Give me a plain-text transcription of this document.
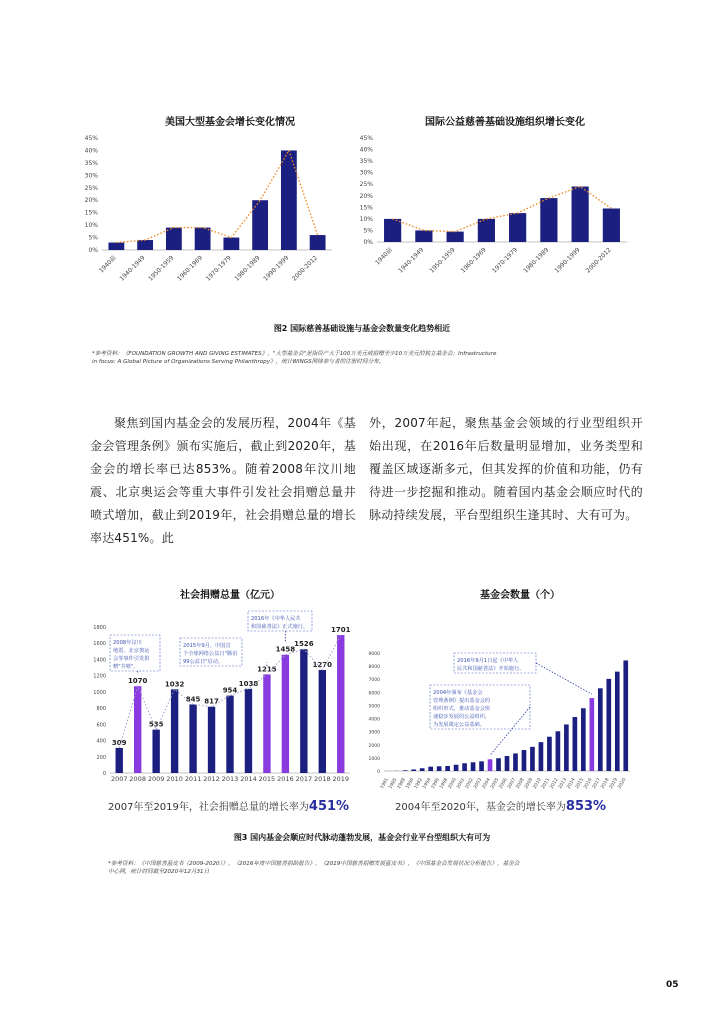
美国大型基金会增长变化情况
0%
5%
10%
15%
20%
25%
30%
35%
40%
45%
1940前 1940-1949 1950-1959 1960-1969 1970-1979 1980-1989 1990-1999 2000-2012
国际公益慈善基础设施组织增长变化
0%
5%
10%
15%
20%
25%
30%
35%
40%
45%
1940前 1940-1949 1950-1959 1960-1969 1970-1979 1980-1989 1990-1999 2000-2012
图2 国际慈善基础设施与基金会数量变化趋势相近
*参考资料：《FOUNDATION GROWTH AND GIVING ESTIMATES》，"大型基金会"是指资产大于100万美元或捐赠至少10万美元的独立基金会；Infrastructure
in focus: A Global Picture of Organizations Serving Philanthropy》，统计WINGS网络参与者的注册时间分布。
聚焦到国内基金会的发展历程，2004年《基金会管理条例》颁布实施后，截止到2020年，基金会的增长率已达853%。随着2008年汶川地震、北京奥运会等重大事件引发社会捐赠总量井喷式增加，截止到2019年，社会捐赠总量的增长率达451%。此
外，2007年起，聚焦基金会领域的行业型组织开始出现，在2016年后数量明显增加，业务类型和覆盖区域逐渐多元，但其发挥的价值和功能，仍有待进一步挖掘和推动。随着国内基金会顺应时代的脉动持续发展，平台型组织生逢其时、大有可为。
社会捐赠总量（亿元）
0
200
400
600
800
1000
1200
1400
1600
1800
309
2007
1070
2008
535
2009
1032
2010
845
2011
817
2012
954
2013
1038
2014
1215
2015
1458
2016
1526
2017
1270
2018
1701
2019
2008年汶川
地震、北京奥运
会等事件引发捐
赠"井喷"。
2015年9月，中国首
个全球网络公益日"腾讯
99公益日"启动。
2016年《中华人民共
和国慈善法》正式施行。
基金会数量（个）
0
1000
2000
3000
4000
5000
6000
7000
8000
9000
1981
1985
1988
1990
1992
1994
1996
1998
2000
2001
2002
2003
2004
2005
2006
2007
2008
2009
2010
2011
2012
2013
2014
2015
2016
2017
2018
2019
2020
2016年9月1日起《中华人
民共和国慈善法》开始施行。
2004年颁布《基金会
管理条例》提出基金会的
组织形式，推动基金会快
速稳步发展的公益组织，
为发展奠定公益基础。
2007年至2019年，社会捐赠总量的增长率为451%	2004年至2020年，基金会的增长率为853%
图3 国内基金会顺应时代脉动蓬勃发展，基金会行业平台型组织大有可为
*参考资料：《中国慈善蓝皮书（2009-2020）》，《2016年度中国慈善捐助报告》，《2019中国慈善捐赠发展蓝皮书》，《中国基金会发展状况分析报告》，基金会
中心网，统计时间截至2020年12月31日
05
